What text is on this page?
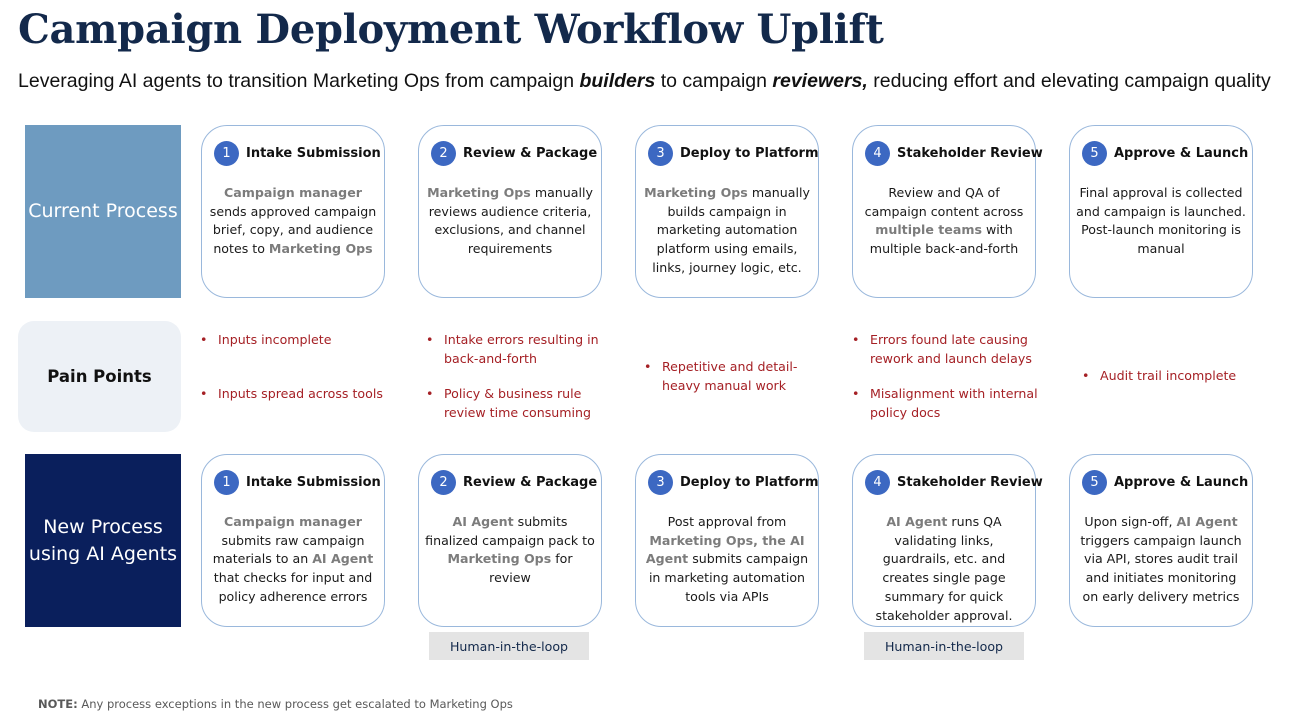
Campaign Deployment Workflow Uplift
Leveraging AI agents to transition Marketing Ops from campaign builders to campaign reviewers, reducing effort and elevating campaign quality
Current Process
Pain Points
New Process using AI Agents
1	Intake Submission
Campaign manager sends approved campaign brief, copy, and audience notes to Marketing Ops
2	Review & Package
Marketing Ops manually reviews audience criteria, exclusions, and channel requirements
3	Deploy to Platform
Marketing Ops manually builds campaign in marketing automation platform using emails, links, journey logic, etc.
4	Stakeholder Review
Review and QA of campaign content across multiple teams with multiple back-and-forth
5	Approve & Launch
Final approval is collected and campaign is launched. Post-launch monitoring is manual
• Inputs incomplete
• Inputs spread across tools
• Intake errors resulting in back-and-forth
• Policy & business rule review time consuming
• Repetitive and detail-heavy manual work
• Errors found late causing rework and launch delays
• Misalignment with internal policy docs
• Audit trail incomplete
1	Intake Submission
Campaign manager submits raw campaign materials to an AI Agent that checks for input and policy adherence errors
2	Review & Package
AI Agent submits finalized campaign pack to Marketing Ops for review
3	Deploy to Platform
Post approval from Marketing Ops, the AI Agent submits campaign in marketing automation tools via APIs
4	Stakeholder Review
AI Agent runs QA validating links, guardrails, etc. and creates single page summary for quick stakeholder approval.
5	Approve & Launch
Upon sign-off, AI Agent triggers campaign launch via API, stores audit trail and initiates monitoring on early delivery metrics
Human-in-the-loop	Human-in-the-loop
NOTE: Any process exceptions in the new process get escalated to Marketing Ops
